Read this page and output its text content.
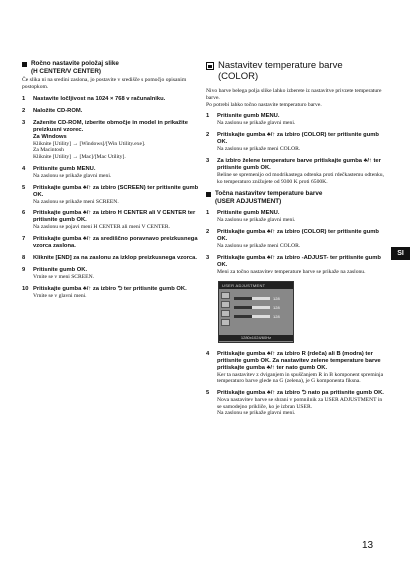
Ročno nastavite položaj slike
(H CENTER/V CENTER)
Če slika ni na sredini zaslona, jo postavite v središče s pomočjo opisanim postopkom.
1	Nastavite ločljivost na 1024 × 768 v računalniku.
2	Naložite CD-ROM.
3	Zaženite CD-ROM, izberite območje in model in prikažite preizkusni vzorec.
Za Windows
Kliknite [Utility] → [Windows]/[Win Utility.exe].
Za Macintosh
Kliknite [Utility] → [Mac]/[Mac Utility].
4	Pritisnite gumb MENU.
Na zaslonu se prikaže glavni meni.
5	Pritiskajte gumba ♣/↑ za izbiro (SCREEN) ter pritisnite gumb OK.
Na zaslonu se prikaže meni SCREEN.
6	Pritiskajte gumba ♣/↑ za izbiro H CENTER ali V CENTER ter pritisnite gumb OK.
Na zaslonu se pojavi meni H CENTER ali meni V CENTER.
7	Pritiskajte gumba ♣/↑ za središčno poravnavo preizkusnega vzorca zaslona.
8	Kliknite [END] za na zaslonu za izklop preizkusnega vzorca.
9	Pritisnite gumb OK.
Vrnite se v meni SCREEN.
10 Pritiskajte gumba ♣/↑ za izbiro ⮌ ter pritisnite gumb OK.
Vrnite se v glavni meni.
Nastavitev temperature barve
(COLOR)
Nivo barve belega polja slike lahko izberete iz nastavitve privzete temperature barve.
Po potrebi lahko točno nastavite temperaturo barve.
1	Pritisnite gumb MENU.
Na zaslonu se prikaže glavni meni.
2	Pritiskajte gumba ♣/↑ za izbiro (COLOR) ter pritisnite gumb OK.
Na zaslonu se prikaže meni COLOR.
3	Za izbiro želene temperature barve pritiskajte gumba ♣/↑ ter pritisnite gumb OK.
Beline se spremenijo od modrikastega odtenka proti rdečkastemu odtenku, ko temperaturo znižujete od 9300 K proti 6500K.
Točna nastavitev temperature barve
(USER ADJUSTMENT)
1	Pritisnite gumb MENU.
Na zaslonu se prikaže glavni meni.
2	Pritiskajte gumba ♣/↑ za izbiro (COLOR) ter pritisnite gumb OK.
Na zaslonu se prikaže meni COLOR.
3	Pritiskajte gumba ♣/↑ za izbiro -ADJUST- ter pritisnite gumb OK.
Meni za točno nastavitev temperature barve se prikaže na zaslonu.
USER ADJUSTMENT
128
128
128
1280x1024/60Hz
4	Pritiskajte gumba ♣/↑ za izbiro R (rdeča) ali B (modra) ter pritisnite gumb OK. Za nastavitev zelene temperature barve pritiskajte gumba ♣/↑ ter nato gumb OK.
Ker ta nastavitev z dviganjem in spuščanjem R in B komponent spreminja temperaturo barve glede na G (zelena), je G komponenta fiksna.
5	Pritiskajte gumba ♣/↑ za izbiro ⮌ nato pa pritisnite gumb OK.
Nova nastavitev barve se shrani v pomnilnik za USER ADJUSTMENT in se samodejno prikliče, ko je izbran USER.
Na zaslonu se prikaže glavni meni.
SI
13
